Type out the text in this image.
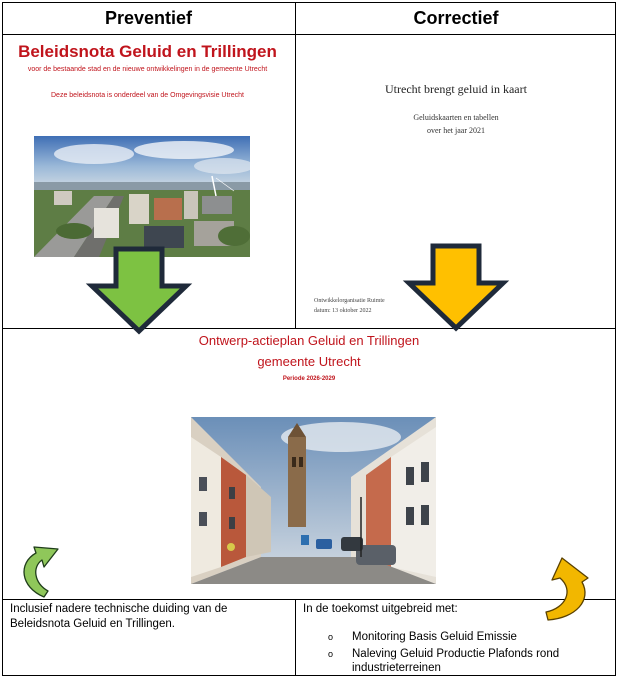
Preventief	Correctief
Beleidsnota Geluid en Trillingen
voor de bestaande stad en de nieuwe ontwikkelingen in de gemeente Utrecht
Deze beleidsnota is onderdeel van de Omgevingsvisie Utrecht	Utrecht brengt geluid in kaart
Geluidskaarten en tabellen
over het jaar 2021
Ontwikkelorganisatie Ruimte
datum: 13 oktober 2022
Ontwerp-actieplan Geluid en Trillingen
gemeente Utrecht
Periode 2026-2029
Inclusief nadere technische duiding van de Beleidsnota Geluid en Trillingen.
In de toekomst uitgebreid met:
o Monitoring Basis Geluid Emissie
o Naleving Geluid Productie Plafonds rond industrieterreinen
